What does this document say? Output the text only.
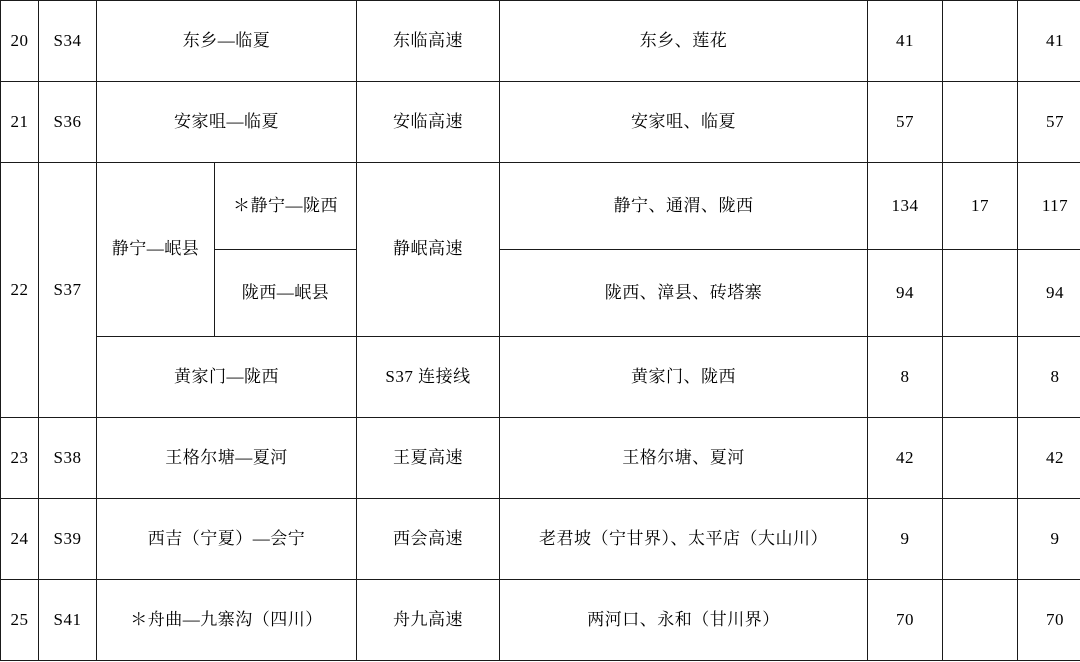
20	S34	东乡—临夏		东临高速	东乡、莲花	41		41
21	S36	安家咀—临夏		安临高速	安家咀、临夏	57		57
22	S37	静宁—岷县	＊静宁—陇西	静岷高速	静宁、通渭、陇西	134	17	117
			陇西—岷县		陇西、漳县、砖塔寨	94		94
		黄家门—陇西		S37 连接线	黄家门、陇西	8		8
23	S38	王格尔塘—夏河		王夏高速	王格尔塘、夏河	42		42
24	S39	西吉（宁夏）—会宁		西会高速	老君坡（宁甘界）、太平店（大山川）	9		9
25	S41	＊舟曲—九寨沟（四川）		舟九高速	两河口、永和（甘川界）	70		70
